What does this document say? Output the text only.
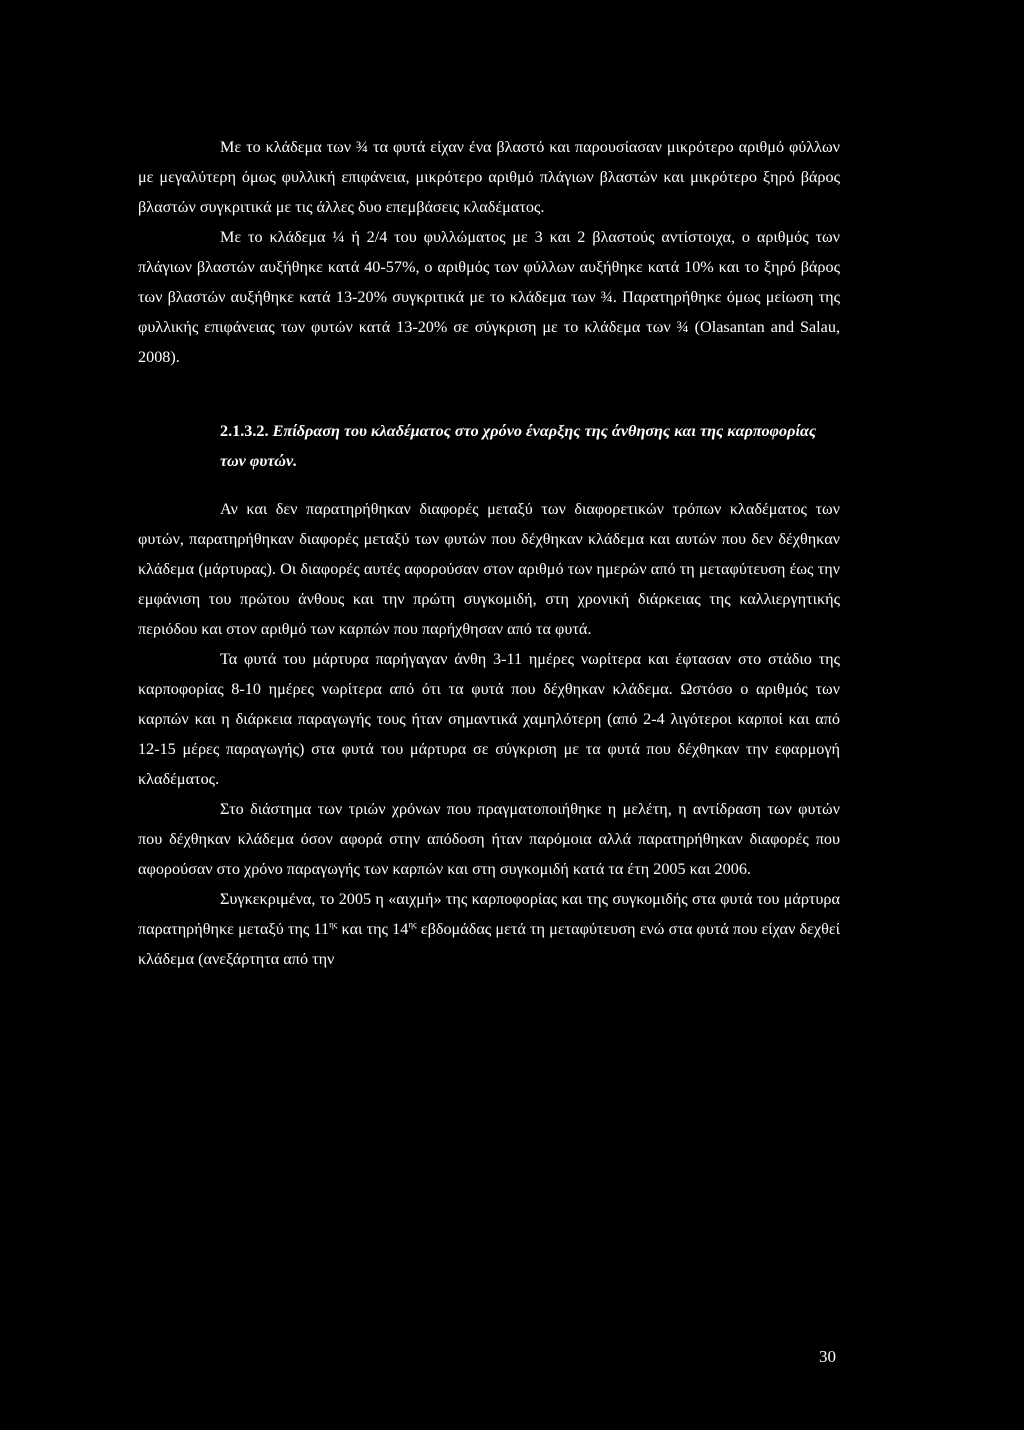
Με το κλάδεμα των ¾ τα φυτά είχαν ένα βλαστό και παρουσίασαν μικρότερο αριθμό φύλλων με μεγαλύτερη όμως φυλλική επιφάνεια, μικρότερο αριθμό πλάγιων βλαστών και μικρότερο ξηρό βάρος βλαστών συγκριτικά με τις άλλες δυο επεμβάσεις κλαδέματος.

Με το κλάδεμα ¼ ή 2/4 του φυλλώματος με 3 και 2 βλαστούς αντίστοιχα, ο αριθμός των πλάγιων βλαστών αυξήθηκε κατά 40-57%, ο αριθμός των φύλλων αυξήθηκε κατά 10% και το ξηρό βάρος των βλαστών αυξήθηκε κατά 13-20% συγκριτικά με το κλάδεμα των ¾. Παρατηρήθηκε όμως μείωση της φυλλικής επιφάνειας των φυτών κατά 13-20% σε σύγκριση με το κλάδεμα των ¾ (Olasantan and Salau, 2008).

2.1.3.2. Επίδραση του κλαδέματος στο χρόνο έναρξης της άνθησης και της καρποφορίας των φυτών.

Αν και δεν παρατηρήθηκαν διαφορές μεταξύ των διαφορετικών τρόπων κλαδέματος των φυτών, παρατηρήθηκαν διαφορές μεταξύ των φυτών που δέχθηκαν κλάδεμα και αυτών που δεν δέχθηκαν κλάδεμα (μάρτυρας). Οι διαφορές αυτές αφορούσαν στον αριθμό των ημερών από τη μεταφύτευση έως την εμφάνιση του πρώτου άνθους και την πρώτη συγκομιδή, στη χρονική διάρκειας της καλλιεργητικής περιόδου και στον αριθμό των καρπών που παρήχθησαν από τα φυτά.

Τα φυτά του μάρτυρα παρήγαγαν άνθη 3-11 ημέρες νωρίτερα και έφτασαν στο στάδιο της καρποφορίας 8-10 ημέρες νωρίτερα από ότι τα φυτά που δέχθηκαν κλάδεμα. Ωστόσο ο αριθμός των καρπών και η διάρκεια παραγωγής τους ήταν σημαντικά χαμηλότερη (από 2-4 λιγότεροι καρποί και από 12-15 μέρες παραγωγής) στα φυτά του μάρτυρα σε σύγκριση με τα φυτά που δέχθηκαν την εφαρμογή κλαδέματος.

Στο διάστημα των τριών χρόνων που πραγματοποιήθηκε η μελέτη, η αντίδραση των φυτών που δέχθηκαν κλάδεμα όσον αφορά στην απόδοση ήταν παρόμοια αλλά παρατηρήθηκαν διαφορές που αφορούσαν στο χρόνο παραγωγής των καρπών και στη συγκομιδή κατά τα έτη 2005 και 2006.

Συγκεκριμένα, το 2005 η «αιχμή» της καρποφορίας και της συγκομιδής στα φυτά του μάρτυρα παρατηρήθηκε μεταξύ της $11^{\eta\varsigma}$ και της $14^{\eta\varsigma}$ εβδομάδας μετά τη μεταφύτευση ενώ στα φυτά που είχαν δεχθεί κλάδεμα (ανεξάρτητα από την

30
